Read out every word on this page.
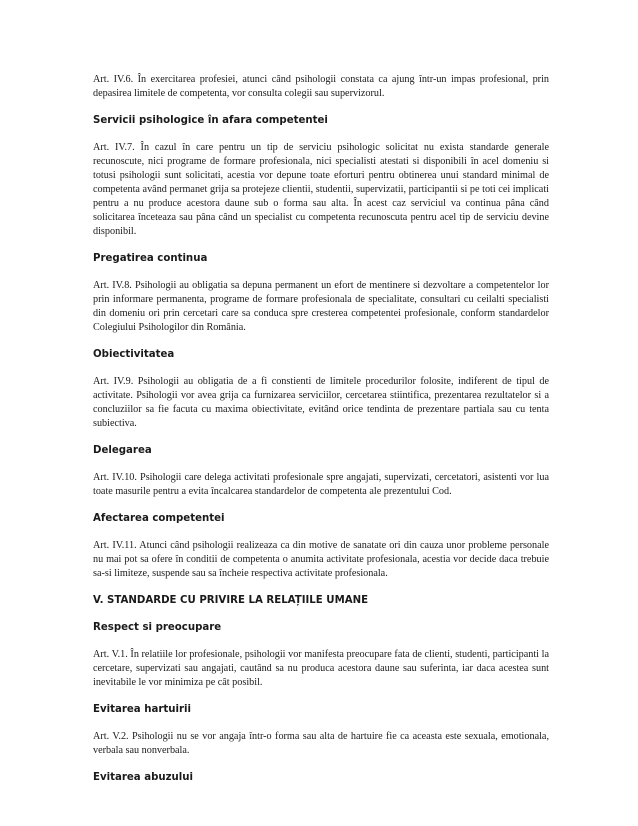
Art. IV.6. În exercitarea profesiei, atunci când psihologii constata ca ajung într-un impas profesional, prin depasirea limitele de competenta, vor consulta colegii sau supervizorul.

Servicii psihologice în afara competentei

Art. IV.7. În cazul în care pentru un tip de serviciu psihologic solicitat nu exista standarde generale recunoscute, nici programe de formare profesionala, nici specialisti atestati si disponibili în acel domeniu si totusi psihologii sunt solicitati, acestia vor depune toate eforturi pentru obtinerea unui standard minimal de competenta având permanet grija sa protejeze clientii, studentii, supervizatii, participantii si pe toti cei implicati pentru a nu produce acestora daune sub o forma sau alta. În acest caz serviciul va continua pâna când solicitarea înceteaza sau pâna când un specialist cu competenta recunoscuta pentru acel tip de serviciu devine disponibil.

Pregatirea continua

Art. IV.8. Psihologii au obligatia sa depuna permanent un efort de mentinere si dezvoltare a competentelor lor prin informare permanenta, programe de formare profesionala de specialitate, consultari cu ceilalti specialisti din domeniu ori prin cercetari care sa conduca spre cresterea competentei profesionale, conform standardelor Colegiului Psihologilor din România.

Obiectivitatea

Art. IV.9. Psihologii au obligatia de a fi constienti de limitele procedurilor folosite, indiferent de tipul de activitate. Psihologii vor avea grija ca furnizarea serviciilor, cercetarea stiintifica, prezentarea rezultatelor si a concluziilor sa fie facuta cu maxima obiectivitate, evitând orice tendinta de prezentare partiala sau cu tenta subiectiva.

Delegarea

Art. IV.10. Psihologii care delega activitati profesionale spre angajati, supervizati, cercetatori, asistenti vor lua toate masurile pentru a evita încalcarea standardelor de competenta ale prezentului Cod.

Afectarea competentei

Art. IV.11. Atunci când psihologii realizeaza ca din motive de sanatate ori din cauza unor probleme personale nu mai pot sa ofere în conditii de competenta o anumita activitate profesionala, acestia vor decide daca trebuie sa-si limiteze, suspende sau sa încheie respectiva activitate profesionala.

V. STANDARDE CU PRIVIRE LA RELAȚIILE UMANE
Respect si preocupare

Art. V.1. În relatiile lor profesionale, psihologii vor manifesta preocupare fata de clienti, studenti, participanti la cercetare, supervizati sau angajati, cautând sa nu produca acestora daune sau suferinta, iar daca acestea sunt inevitabile le vor minimiza pe cât posibil.

Evitarea hartuirii

Art. V.2. Psihologii nu se vor angaja într-o forma sau alta de hartuire fie ca aceasta este sexuala, emotionala, verbala sau nonverbala.

Evitarea abuzului
